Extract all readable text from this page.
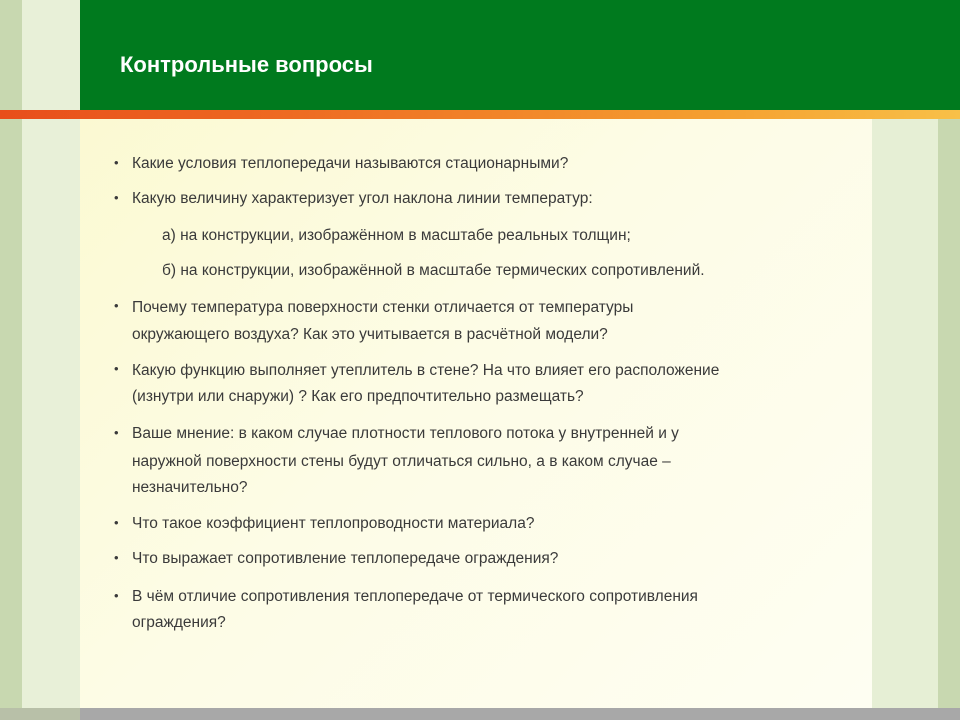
Контрольные вопросы
• Какие условия теплопередачи называются стационарными?
• Какую величину характеризует угол наклона линии температур:
а) на конструкции, изображённом в масштабе реальных толщин;
б) на конструкции, изображённой в масштабе термических сопротивлений.
• Почему температура поверхности стенки отличается от температуры
окружающего воздуха? Как это учитывается в расчётной модели?
• Какую функцию выполняет утеплитель в стене? На что влияет его расположение
(изнутри или снаружи) ? Как его предпочтительно размещать?
• Ваше мнение: в каком случае плотности теплового потока у внутренней и у
наружной поверхности стены будут отличаться сильно, а в каком случае –
незначительно?
• Что такое коэффициент теплопроводности материала?
• Что выражает сопротивление теплопередаче ограждения?
• В чём отличие сопротивления теплопередаче от термического сопротивления
ограждения?
